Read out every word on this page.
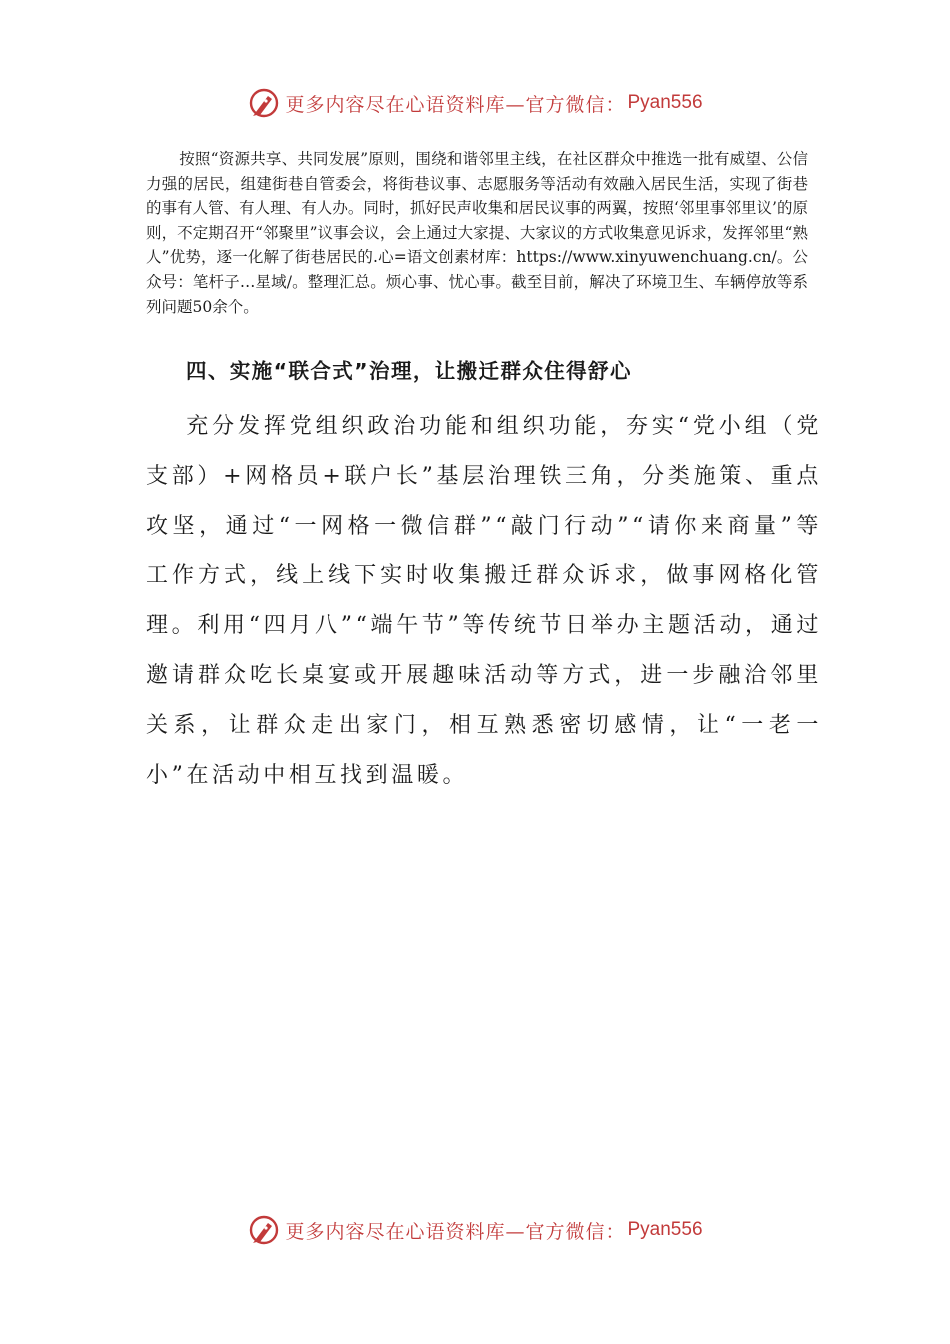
更多内容尽在心语资料库—官方微信： Pyan556
按照“资源共享、共同发展”原则，围绕和谐邻里主线，在社区群众中推选一批有威望、公信力强的居民，组建街巷自管委会，将街巷议事、志愿服务等活动有效融入居民生活，实现了街巷的事有人管、有人理、有人办。同时，抓好民声收集和居民议事的两翼，按照‘邻里事邻里议’的原则，不定期召开“邻聚里”议事会议，会上通过大家提、大家议的方式收集意见诉求，发挥邻里“熟人”优势，逐一化解了街巷居民的.心=语文创素材库：https://www.xinyuwenchuang.cn/。公众号：笔杆子…星域/。整理汇总。烦心事、忧心事。截至目前，解决了环境卫生、车辆停放等系列问题50余个。
四、实施“联合式”治理，让搬迁群众住得舒心
充分发挥党组织政治功能和组织功能，夯实“党小组（党支部）+网格员+联户长”基层治理铁三角，分类施策、重点攻坚，通过“一网格一微信群”“敲门行动”“请你来商量”等工作方式，线上线下实时收集搬迁群众诉求，做事网格化管理。利用“四月八”“端午节”等传统节日举办主题活动，通过邀请群众吃长桌宴或开展趣味活动等方式，进一步融洽邻里关系，让群众走出家门，相互熟悉密切感情，让“一老一小”在活动中相互找到温暖。
更多内容尽在心语资料库—官方微信： Pyan556
